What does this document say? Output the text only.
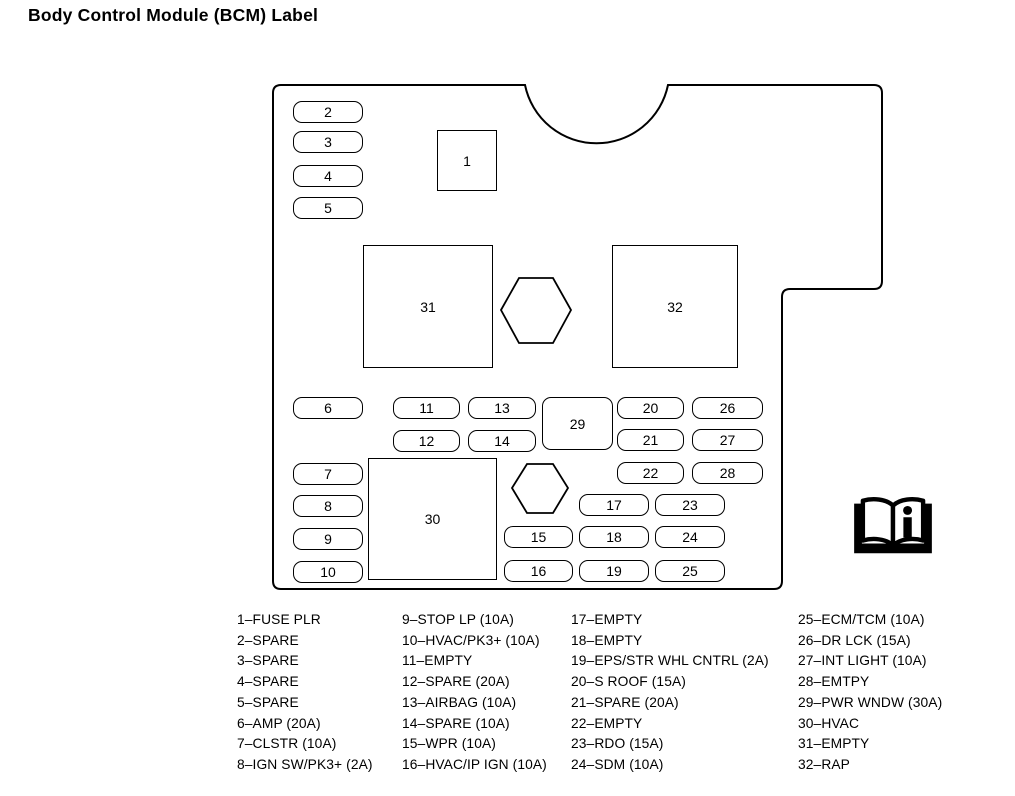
Body Control Module (BCM) Label
1
2
3
4
5
6
7
8
9
10
11
12
13
14
15
16
17
18
19
20
21
22
23
24
25
26
27
28
29
30
31	32
1–FUSE PLR
2–SPARE
3–SPARE
4–SPARE
5–SPARE
6–AMP (20A)
7–CLSTR (10A)
8–IGN SW/PK3+ (2A)
9–STOP LP (10A)
10–HVAC/PK3+ (10A)
11–EMPTY
12–SPARE (20A)
13–AIRBAG (10A)
14–SPARE (10A)
15–WPR (10A)
16–HVAC/IP IGN (10A)
17–EMPTY
18–EMPTY
19–EPS/STR WHL CNTRL (2A)
20–S ROOF (15A)
21–SPARE (20A)
22–EMPTY
23–RDO (15A)
24–SDM (10A)
25–ECM/TCM (10A)
26–DR LCK (15A)
27–INT LIGHT (10A)
28–EMTPY
29–PWR WNDW (30A)
30–HVAC
31–EMPTY
32–RAP
